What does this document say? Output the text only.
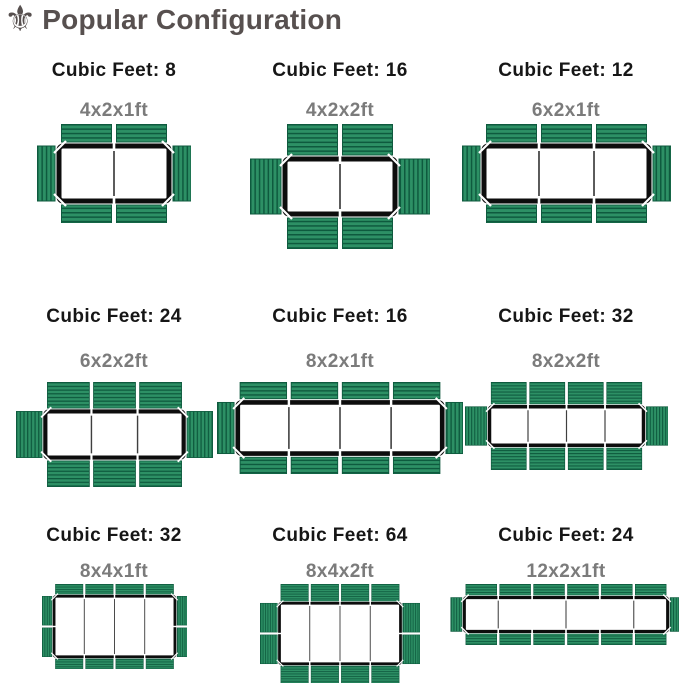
⚜ Popular Configuration
Cubic Feet: 8
4x2x1ft
Cubic Feet: 16
4x2x2ft
Cubic Feet: 12
6x2x1ft
Cubic Feet: 24
6x2x2ft
Cubic Feet: 16
8x2x1ft
Cubic Feet: 32
8x2x2ft
Cubic Feet: 32
8x4x1ft
Cubic Feet: 64
8x4x2ft
Cubic Feet: 24
12x2x1ft
